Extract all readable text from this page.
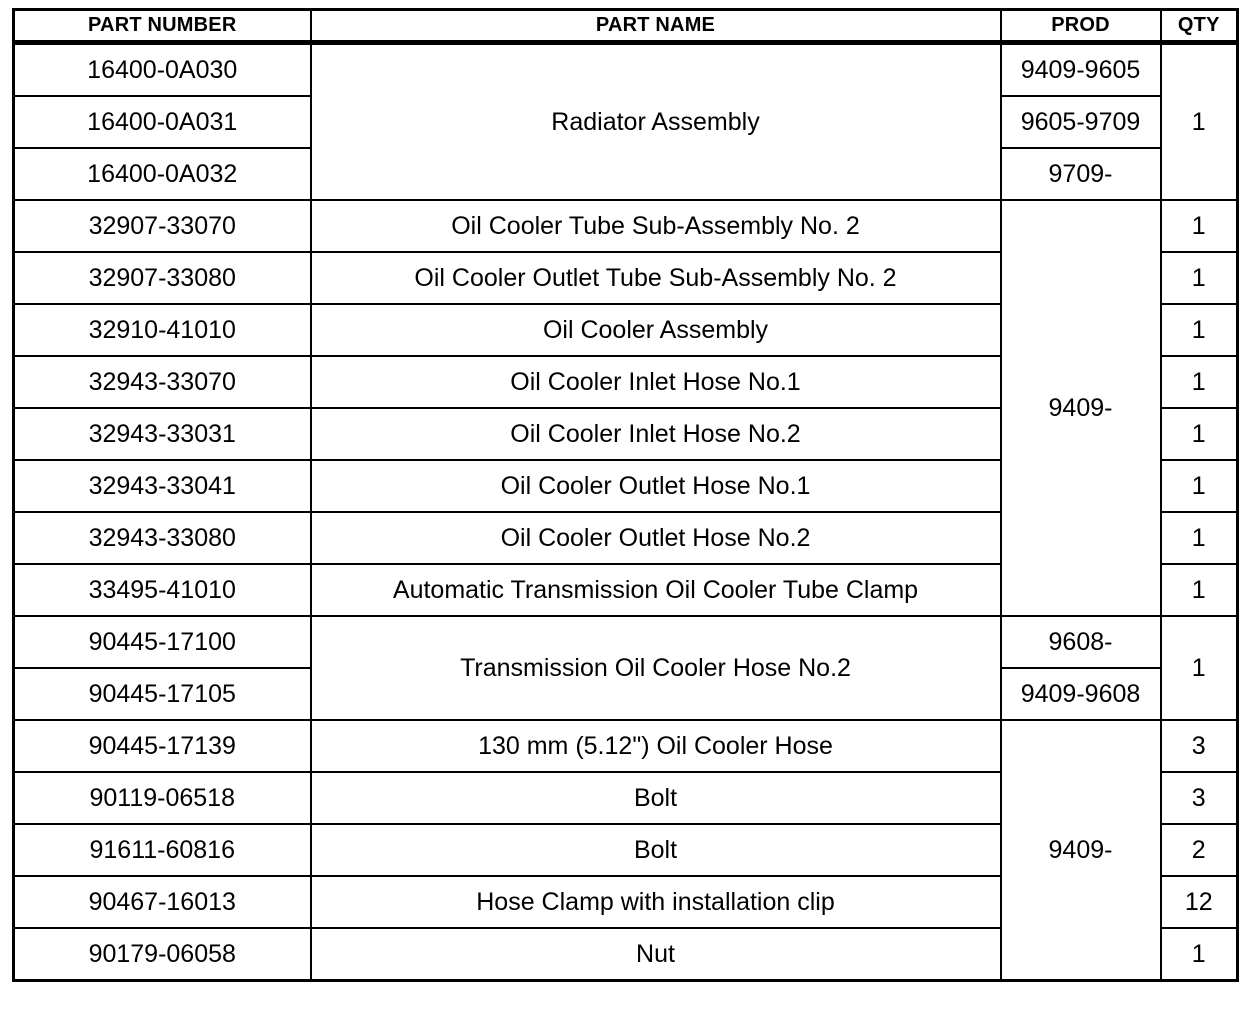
PART NUMBER	PART NAME	PROD	QTY
16400-0A030	Radiator Assembly	9409-9605	1
16400-0A031		9605-9709	
16400-0A032		9709-	
32907-33070	Oil Cooler Tube Sub-Assembly No. 2	9409-	1
32907-33080	Oil Cooler Outlet Tube Sub-Assembly No. 2		1
32910-41010	Oil Cooler Assembly		1
32943-33070	Oil Cooler Inlet Hose No.1		1
32943-33031	Oil Cooler Inlet Hose No.2		1
32943-33041	Oil Cooler Outlet Hose No.1		1
32943-33080	Oil Cooler Outlet Hose No.2		1
33495-41010	Automatic Transmission Oil Cooler Tube Clamp		1
90445-17100	Transmission Oil Cooler Hose No.2	9608-	1
90445-17105		9409-9608	
90445-17139	130 mm (5.12") Oil Cooler Hose	9409-	3
90119-06518	Bolt		3
91611-60816	Bolt		2
90467-16013	Hose Clamp with installation clip		12
90179-06058	Nut		1
